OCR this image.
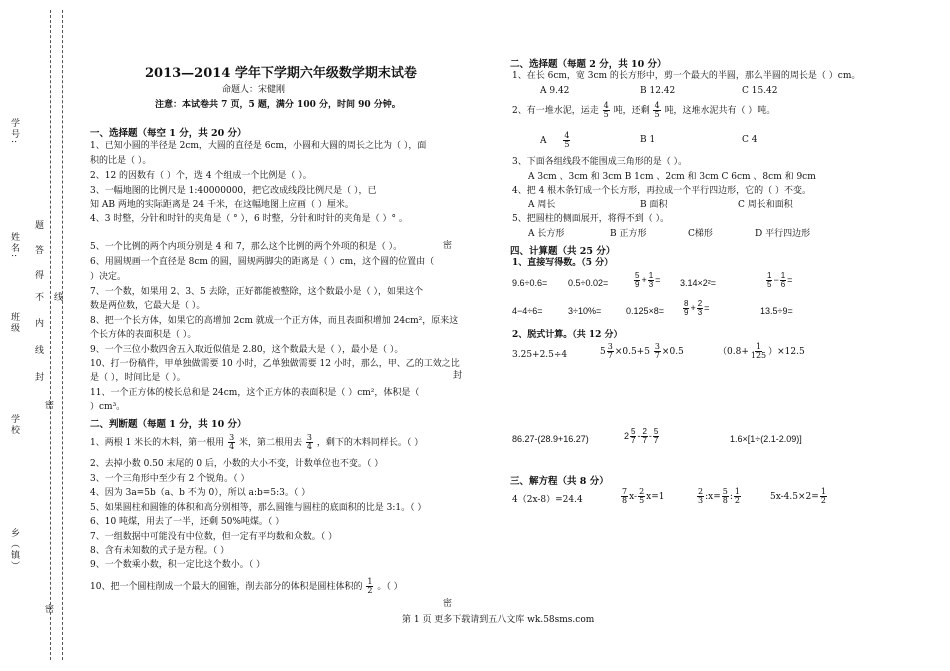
学号:
姓名:
班级
学校
乡（镇）
密
密
题
答
得
不
内
线
封
线
密
密
封
2013—2014 学年下学期六年级数学期末试卷
命题人：宋健刚
注意：本试卷共 7 页，5 题，满分 100 分，时间 90 分钟。
一、选择题（每空 1 分，共 20 分）
1、已知小圆的半径是 2cm，大圆的直径是 6cm，小圆和大圆的周长之比为（ ），面
积的比是（ ）。
2、12 的因数有（ ）个，选 4 个组成一个比例是（ ）。
3、一幅地图的比例尺是 1:40000000，把它改成线段比例尺是（ ），已
知 AB 两地的实际距离是 24 千米，在这幅地图上应画（ ）厘米。
4、3 时整，分针和时针的夹角是（ ° ），6 时整，分针和时针的夹角是（ ）° 。
5、一个比例的两个内项分别是 4 和 7，那么这个比例的两个外项的积是（ ）。
6、用圆规画一个直径是 8cm 的圆，圆规两脚尖的距离是（ ）cm，这个圆的位置由（
）决定。
7、一个数，如果用 2、3、5 去除，正好都能被整除，这个数最小是（ ），如果这个
数是两位数，它最大是（ ）。
8、把一个长方体，如果它的高增加 2cm 就成一个正方体，而且表面积增加 24cm²，原来这
个长方体的表面积是（ ）。
9、一个三位小数四舍五入取近似值是 2.80，这个数最大是（ ），最小是（ ）。
10、打一份稿件，甲单独做需要 10 小时，乙单独做需要 12 小时，那么，甲、乙的工效之比
是（ ），时间比是（ ）。
11、一个正方体的棱长总和是 24cm，这个正方体的表面积是（ ）cm²，体积是（
）cm³。
二、判断题（每题 1 分，共 10 分）
1、两根 1 米长的木料，第一根用 $\frac{3}{4}$ 米，第二根用去 $\frac{3}{4}$ ，剩下的木料同样长。（ ）
2、去掉小数 0.50 末尾的 0 后，小数的大小不变，计数单位也不变。（ ）
3、一个三角形中至少有 2 个锐角。（ ）
4、因为 3a=5b（a、b 不为 0），所以 a:b=5:3。（ ）
5、如果圆柱和圆锥的体积和高分别相等，那么圆锥与圆柱的底面积的比是 3:1。（ ）
6、10 吨煤，用去了一半，还剩 50%吨煤。（ ）
7、一组数据中可能没有中位数，但一定有平均数和众数。（ ）
8、含有未知数的式子是方程。（ ）
9、一个数乘小数，积一定比这个数小。（ ）
10、把一个圆柱削成一个最大的圆锥，削去部分的体积是圆柱体积的 $\frac{1}{2}$ 。（ ）
二、选择题（每题 2 分，共 10 分）
1、在长 6cm，宽 3cm 的长方形中，剪一个最大的半圆，那么半圆的周长是（ ）cm。
A 9.42	B 12.42	C 15.42
2、有一堆水泥，运走 $\frac{4}{5}$ 吨，还剩 $\frac{4}{5}$ 吨，这堆水泥共有（ ）吨。
A $\frac{4}{5}$	B 1	C 4
3、下面各组线段不能围成三角形的是（ ）。
A 3cm 、3cm 和 3cm B 1cm 、2cm 和 3cm C 6cm 、8cm 和 9cm
4、把 4 根木条钉成一个长方形，再拉成一个平行四边形，它的（ ）不变。
A 周长	B 面积	C 周长和面积
5、把圆柱的侧面展开，将得不到（ ）。
A 长方形	B 正方形	C梯形	D 平行四边形
四、计算题（共 25 分）
1、直接写得数。（5 分）
9.6÷0.6= 0.5÷0.02=	$\frac{5}{9} + \frac{1}{3} = 3.14\times 2^2=$	$\frac{1}{5} - \frac{1}{6}$ =
4−4÷6=	3÷10%=	$0.125\times 8= \frac{8}{9} + \frac{2}{3}$ =	13.5÷9=
2、脱式计算。（共 12 分）
3.25+2.5÷4	$5 \frac{3}{7} \times 0.5+5 \frac{3}{7} \times 0.5$	$(0.8+ \frac{1}{125} )\times 12.5$
86.27-(28.9+16.27)	$2 \frac{5}{7} - \frac{2}{7} - \frac{5}{7}$	1.6×[1÷(2.1-2.09)]
三、解方程（共 8 分）
4（2x-8）=24.4	$\frac{7}{8} x- \frac{2}{5} x=1$	$\frac{2}{3}$ :x= $\frac{5}{8}$ : $\frac{1}{2}$	$5x-4.5\times 2= \frac{1}{2}$
第 1 页 更多下载请到五八文库 wk.58sms.com
